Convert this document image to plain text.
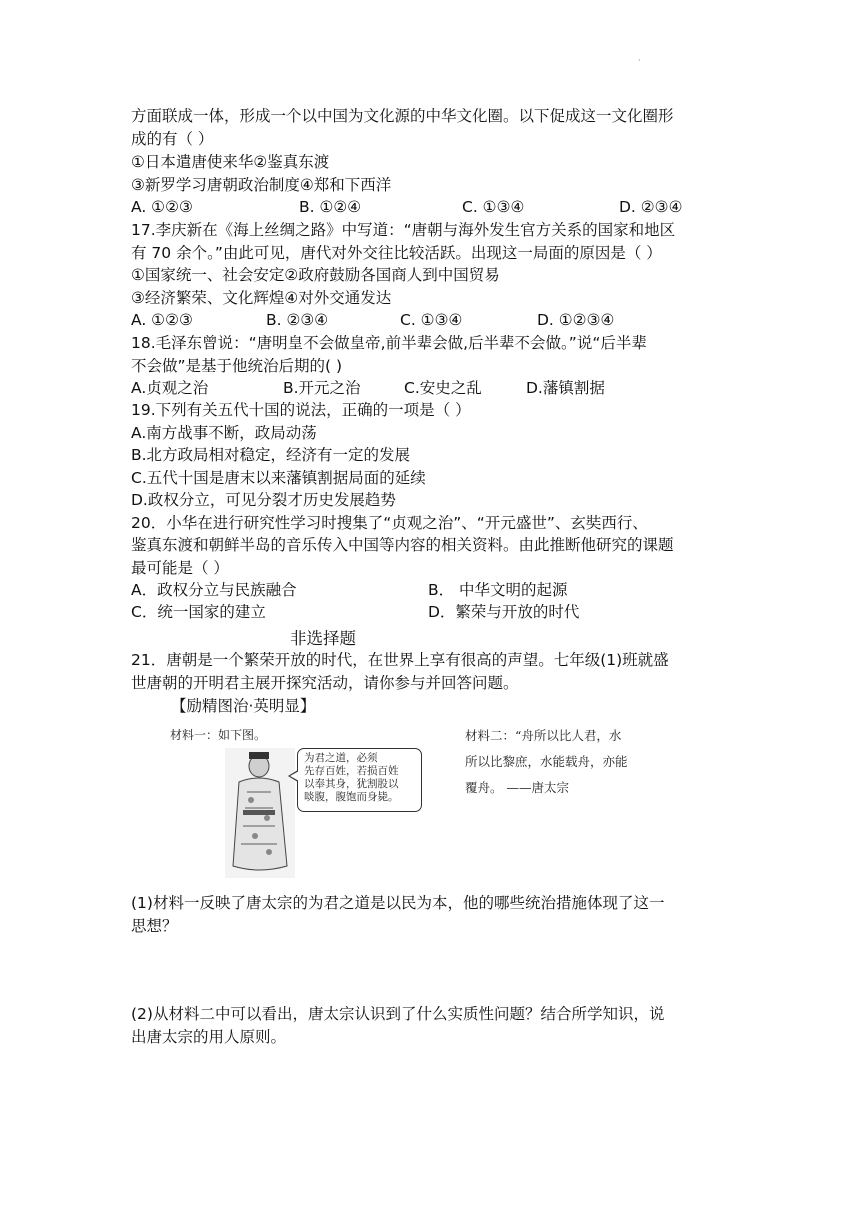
·
方面联成一体，形成一个以中国为文化源的中华文化圈。以下促成这一文化圈形
成的有（ ）
①日本遣唐使来华②鉴真东渡
③新罗学习唐朝政治制度④郑和下西洋
A. ①②③	B. ①②④	C. ①③④	D. ②③④
17.李庆新在《海上丝绸之路》中写道：“唐朝与海外发生官方关系的国家和地区
有 70 余个。”由此可见，唐代对外交往比较活跃。出现这一局面的原因是（ ）
①国家统一、社会安定②政府鼓励各国商人到中国贸易
③经济繁荣、文化辉煌④对外交通发达
A. ①②③	B. ②③④	C. ①③④	D. ①②③④
18.毛泽东曾说：“唐明皇不会做皇帝,前半辈会做,后半辈不会做。”说“后半辈
不会做”是基于他统治后期的( )
A.贞观之治	B.开元之治	C.安史之乱	D.藩镇割据
19.下列有关五代十国的说法，正确的一项是（ ）
A.南方战事不断，政局动荡
B.北方政局相对稳定，经济有一定的发展
C.五代十国是唐末以来藩镇割据局面的延续
D.政权分立，可见分裂才历史发展趋势
20．小华在进行研究性学习时搜集了“贞观之治”、“开元盛世”、玄奘西行、
鉴真东渡和朝鲜半岛的音乐传入中国等内容的相关资料。由此推断他研究的课题
最可能是（ ）
A．政权分立与民族融合	B． 中华文明的起源
C．统一国家的建立	D．繁荣与开放的时代
非选择题
21．唐朝是一个繁荣开放的时代，在世界上享有很高的声望。七年级(1)班就盛
世唐朝的开明君主展开探究活动，请你参与并回答问题。
【励精图治·英明显】
材料一：如下图。
为君之道，必须
先存百姓，若损百姓
以奉其身，犹割股以
啖腹，腹饱而身毙。
材料二：“舟所以比人君，水
所以比黎庶，水能载舟，亦能
覆舟。 ——唐太宗
(1)材料一反映了唐太宗的为君之道是以民为本，他的哪些统治措施体现了这一
思想？
(2)从材料二中可以看出，唐太宗认识到了什么实质性问题？结合所学知识，说
出唐太宗的用人原则。
